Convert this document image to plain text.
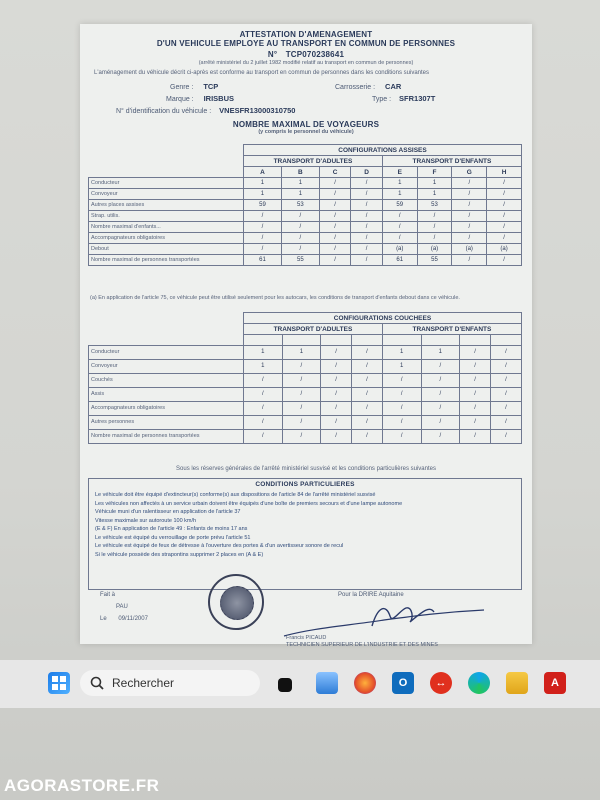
ATTESTATION D'AMENAGEMENT
D'UN VEHICULE EMPLOYE AU TRANSPORT EN COMMUN DE PERSONNES
N° TCP070238641
(arrêté ministériel du 2 juillet 1982 modifié relatif au transport en commun de personnes)
L'aménagement du véhicule décrit ci-après est conforme au transport en commun de personnes dans les conditions suivantes
Genre : TCP	Carrosserie : CAR
Marque : IRISBUS	Type : SFR1307T
N° d'identification du véhicule : VNESFR13000310750
NOMBRE MAXIMAL DE VOYAGEURS
(y compris le personnel du véhicule)
	CONFIGURATIONS ASSISES							
	TRANSPORT D'ADULTES				TRANSPORT D'ENFANTS			
	A	B	C	D	E	F	G	H
Conducteur	1	1	/	/	1	1	/	/
Convoyeur	1	1	/	/	1	1	/	/
Autres places assises	59	53	/	/	59	53	/	/
Strap. utilis.	/	/	/	/	/	/	/	/
Nombre maximal d'enfants...	/	/	/	/	/	/	/	/
Accompagnateurs obligatoires	/	/	/	/	/	/	/	/
Debout	/	/	/	/	(a)	(a)	(a)	(a)
Nombre maximal de personnes transportées	61	55	/	/	61	55	/	/
(a) En application de l'article 75, ce véhicule peut être utilisé seulement pour les autocars, les conditions de transport d'enfants debout dans ce véhicule.
	CONFIGURATIONS COUCHEES							
	TRANSPORT D'ADULTES				TRANSPORT D'ENFANTS			

Conducteur	1	1	/	/	1	1	/	/
Convoyeur	1	/	/	/	1	/	/	/
Couchés	/	/	/	/	/	/	/	/
Assis	/	/	/	/	/	/	/	/
Accompagnateurs obligatoires	/	/	/	/	/	/	/	/
Autres personnes	/	/	/	/	/	/	/	/
Nombre maximal de personnes transportées	/	/	/	/	/	/	/	/
Sous les réserves générales de l'arrêté ministériel susvisé et les conditions particulières suivantes
CONDITIONS PARTICULIERES
Le véhicule doit être équipé d'extincteur(s) conforme(s) aux dispositions de l'article 84 de l'arrêté ministériel susvisé
Les véhicules non affectés à un service urbain doivent être équipés d'une boîte de premiers secours et d'une lampe autonome
Véhicule muni d'un ralentisseur en application de l'article 37
Vitesse maximale sur autoroute 100 km/h
(E & F) En application de l'article 49 : Enfants de moins 17 ans
Le véhicule est équipé du verrouillage de porte prévu l'article 51
Le véhicule est équipé de feux de détresse à l'ouverture des portes & d'un avertisseur sonore de recul
Si le véhicule possède des strapontins supprimer 2 places en (A & E)
Fait à
PAU
Le 09/11/2007
Pour la DRIRE Aquitaine
Francis PICAUD
TECHNICIEN SUPERIEUR DE L'INDUSTRIE ET DES MINES
Rechercher	O	↔	A
AGORASTORE.FR
